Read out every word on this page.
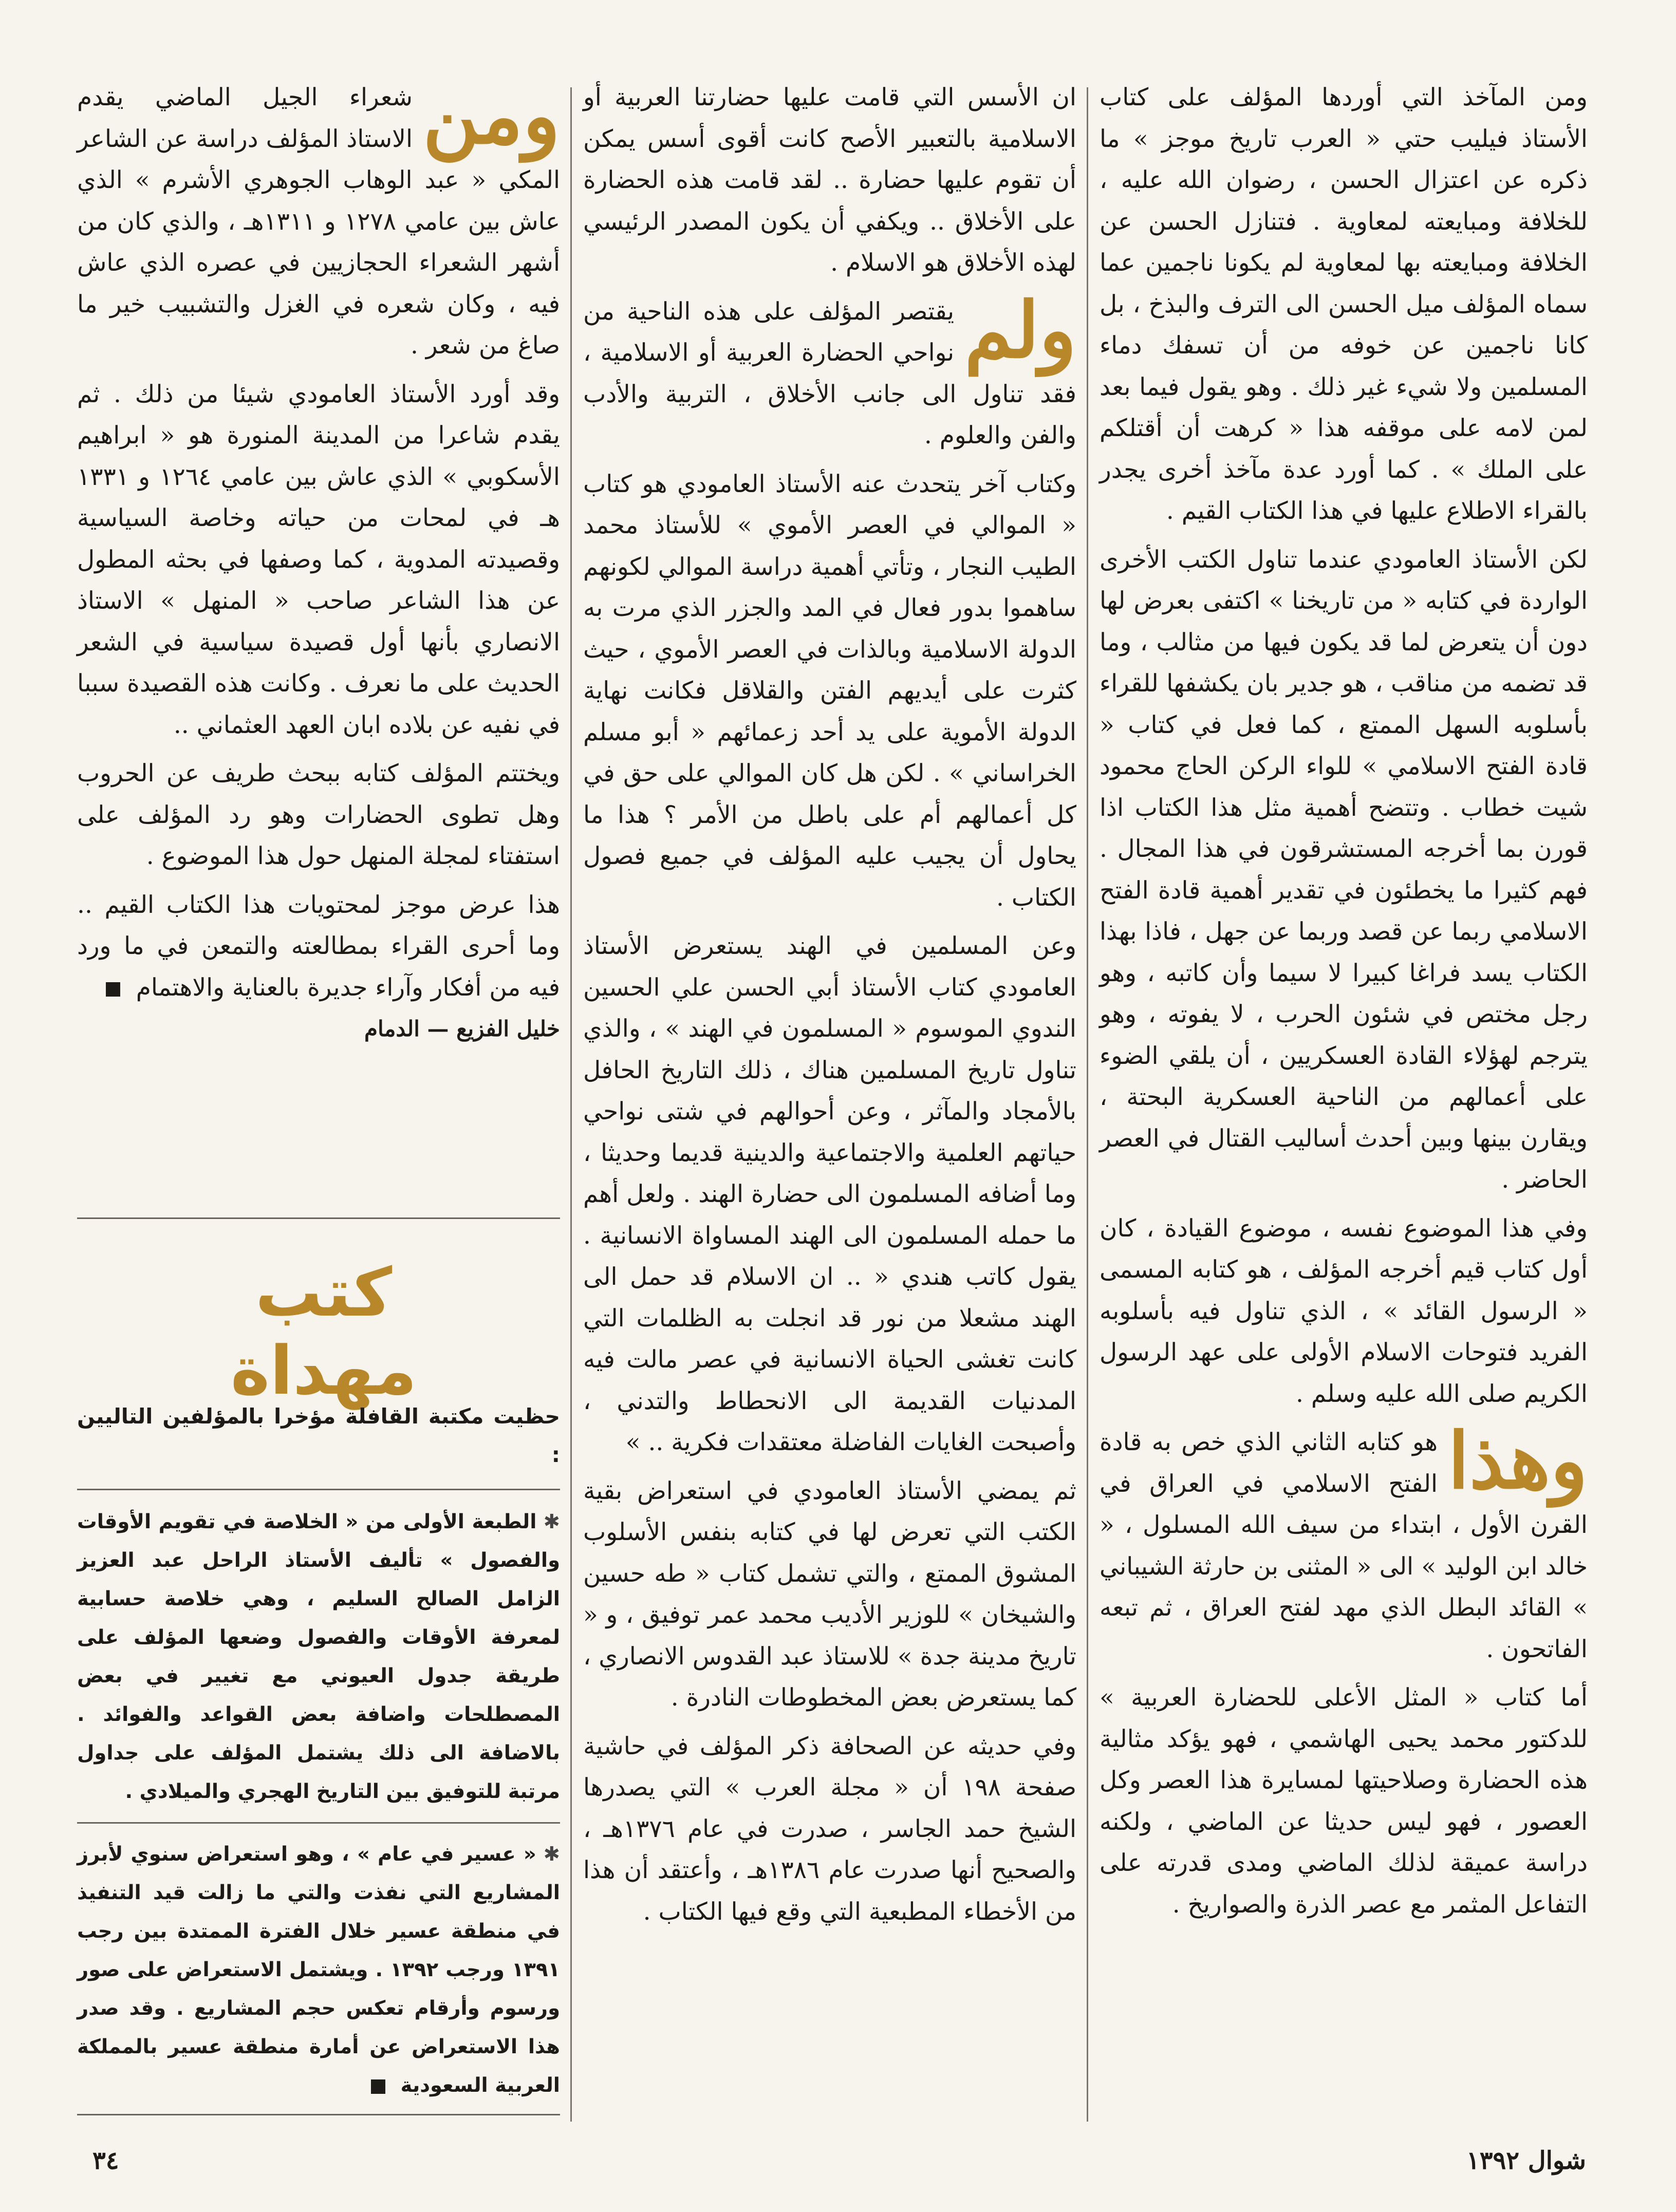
ومن المآخذ التي أوردها المؤلف على كتاب الأستاذ فيليب حتي « العرب تاريخ موجز » ما ذكره عن اعتزال الحسن ، رضوان الله عليه ، للخلافة ومبايعته لمعاوية . فتنازل الحسن عن الخلافة ومبايعته بها لمعاوية لم يكونا ناجمين عما سماه المؤلف ميل الحسن الى الترف والبذخ ، بل كانا ناجمين عن خوفه من أن تسفك دماء المسلمين ولا شيء غير ذلك . وهو يقول فيما بعد لمن لامه على موقفه هذا « كرهت أن أقتلكم على الملك » . كما أورد عدة مآخذ أخرى يجدر بالقراء الاطلاع عليها في هذا الكتاب القيم .

لكن الأستاذ العامودي عندما تناول الكتب الأخرى الواردة في كتابه « من تاريخنا » اكتفى بعرض لها دون أن يتعرض لما قد يكون فيها من مثالب ، وما قد تضمه من مناقب ، هو جدير بان يكشفها للقراء بأسلوبه السهل الممتع ، كما فعل في كتاب « قادة الفتح الاسلامي » للواء الركن الحاج محمود شيت خطاب . وتتضح أهمية مثل هذا الكتاب اذا قورن بما أخرجه المستشرقون في هذا المجال . فهم كثيرا ما يخطئون في تقدير أهمية قادة الفتح الاسلامي ربما عن قصد وربما عن جهل ، فاذا بهذا الكتاب يسد فراغا كبيرا لا سيما وأن كاتبه ، وهو رجل مختص في شئون الحرب ، لا يفوته ، وهو يترجم لهؤلاء القادة العسكريين ، أن يلقي الضوء على أعمالهم من الناحية العسكرية البحتة ، ويقارن بينها وبين أحدث أساليب القتال في العصر الحاضر .

وفي هذا الموضوع نفسه ، موضوع القيادة ، كان أول كتاب قيم أخرجه المؤلف ، هو كتابه المسمى « الرسول القائد » ، الذي تناول فيه بأسلوبه الفريد فتوحات الاسلام الأولى على عهد الرسول الكريم صلى الله عليه وسلم .

وهذا
هو كتابه الثاني الذي خص به قادة الفتح الاسلامي في العراق في القرن الأول ، ابتداء من سيف الله المسلول ، « خالد ابن الوليد » الى « المثنى بن حارثة الشيباني » القائد البطل الذي مهد لفتح العراق ، ثم تبعه الفاتحون .

أما كتاب « المثل الأعلى للحضارة العربية » للدكتور محمد يحيى الهاشمي ، فهو يؤكد مثالية هذه الحضارة وصلاحيتها لمسايرة هذا العصر وكل العصور ، فهو ليس حديثا عن الماضي ، ولكنه دراسة عميقة لذلك الماضي ومدى قدرته على التفاعل المثمر مع عصر الذرة والصواريخ .

ان الأسس التي قامت عليها حضارتنا العربية أو الاسلامية بالتعبير الأصح كانت أقوى أسس يمكن أن تقوم عليها حضارة .. لقد قامت هذه الحضارة على الأخلاق .. ويكفي أن يكون المصدر الرئيسي لهذه الأخلاق هو الاسلام .

ولم
يقتصر المؤلف على هذه الناحية من نواحي الحضارة العربية أو الاسلامية ، فقد تناول الى جانب الأخلاق ، التربية والأدب والفن والعلوم .

وكتاب آخر يتحدث عنه الأستاذ العامودي هو كتاب « الموالي في العصر الأموي » للأستاذ محمد الطيب النجار ، وتأتي أهمية دراسة الموالي لكونهم ساهموا بدور فعال في المد والجزر الذي مرت به الدولة الاسلامية وبالذات في العصر الأموي ، حيث كثرت على أيديهم الفتن والقلاقل فكانت نهاية الدولة الأموية على يد أحد زعمائهم « أبو مسلم الخراساني » . لكن هل كان الموالي على حق في كل أعمالهم أم على باطل من الأمر ؟ هذا ما يحاول أن يجيب عليه المؤلف في جميع فصول الكتاب .

وعن المسلمين في الهند يستعرض الأستاذ العامودي كتاب الأستاذ أبي الحسن علي الحسين الندوي الموسوم « المسلمون في الهند » ، والذي تناول تاريخ المسلمين هناك ، ذلك التاريخ الحافل بالأمجاد والمآثر ، وعن أحوالهم في شتى نواحي حياتهم العلمية والاجتماعية والدينية قديما وحديثا ، وما أضافه المسلمون الى حضارة الهند . ولعل أهم ما حمله المسلمون الى الهند المساواة الانسانية . يقول كاتب هندي « .. ان الاسلام قد حمل الى الهند مشعلا من نور قد انجلت به الظلمات التي كانت تغشى الحياة الانسانية في عصر مالت فيه المدنيات القديمة الى الانحطاط والتدني ، وأصبحت الغايات الفاضلة معتقدات فكرية .. »

ثم يمضي الأستاذ العامودي في استعراض بقية الكتب التي تعرض لها في كتابه بنفس الأسلوب المشوق الممتع ، والتي تشمل كتاب « طه حسين والشيخان » للوزير الأديب محمد عمر توفيق ، و « تاريخ مدينة جدة » للاستاذ عبد القدوس الانصاري ، كما يستعرض بعض المخطوطات النادرة .

وفي حديثه عن الصحافة ذكر المؤلف في حاشية صفحة ١٩٨ أن « مجلة العرب » التي يصدرها الشيخ حمد الجاسر ، صدرت في عام ١٣٧٦هـ ، والصحيح أنها صدرت عام ١٣٨٦هـ ، وأعتقد أن هذا من الأخطاء المطبعية التي وقع فيها الكتاب .

ومن
شعراء الجيل الماضي يقدم الاستاذ المؤلف دراسة عن الشاعر المكي « عبد الوهاب الجوهري الأشرم » الذي عاش بين عامي ١٢٧٨ و ١٣١١هـ ، والذي كان من أشهر الشعراء الحجازيين في عصره الذي عاش فيه ، وكان شعره في الغزل والتشبيب خير ما صاغ من شعر .

وقد أورد الأستاذ العامودي شيئا من ذلك . ثم يقدم شاعرا من المدينة المنورة هو « ابراهيم الأسكوبي » الذي عاش بين عامي ١٢٦٤ و ١٣٣١ هـ في لمحات من حياته وخاصة السياسية وقصيدته المدوية ، كما وصفها في بحثه المطول عن هذا الشاعر صاحب « المنهل » الاستاذ الانصاري بأنها أول قصيدة سياسية في الشعر الحديث على ما نعرف . وكانت هذه القصيدة سببا في نفيه عن بلاده ابان العهد العثماني ..

ويختتم المؤلف كتابه ببحث طريف عن الحروب وهل تطوى الحضارات وهو رد المؤلف على استفتاء لمجلة المنهل حول هذا الموضوع .

هذا عرض موجز لمحتويات هذا الكتاب القيم .. وما أحرى القراء بمطالعته والتمعن في ما ورد فيه من أفكار وآراء جديرة بالعناية والاهتمام

خليل الفزيع — الدمام

كتب مهداة

حظيت مكتبة القافلة مؤخرا بالمؤلفين التاليين :

✱ الطبعة الأولى من « الخلاصة في تقويم الأوقات والفصول » تأليف الأستاذ الراحل عبد العزيز الزامل الصالح السليم ، وهي خلاصة حسابية لمعرفة الأوقات والفصول وضعها المؤلف على طريقة جدول العيوني مع تغيير في بعض المصطلحات واضافة بعض القواعد والفوائد . بالاضافة الى ذلك يشتمل المؤلف على جداول مرتبة للتوفيق بين التاريخ الهجري والميلادي .

✱ « عسير في عام » ، وهو استعراض سنوي لأبرز المشاريع التي نفذت والتي ما زالت قيد التنفيذ في منطقة عسير خلال الفترة الممتدة بين رجب ١٣٩١ ورجب ١٣٩٢ . ويشتمل الاستعراض على صور ورسوم وأرقام تعكس حجم المشاريع . وقد صدر هذا الاستعراض عن أمارة منطقة عسير بالمملكة العربية السعودية

٣٤	شوال ١٣٩٢
